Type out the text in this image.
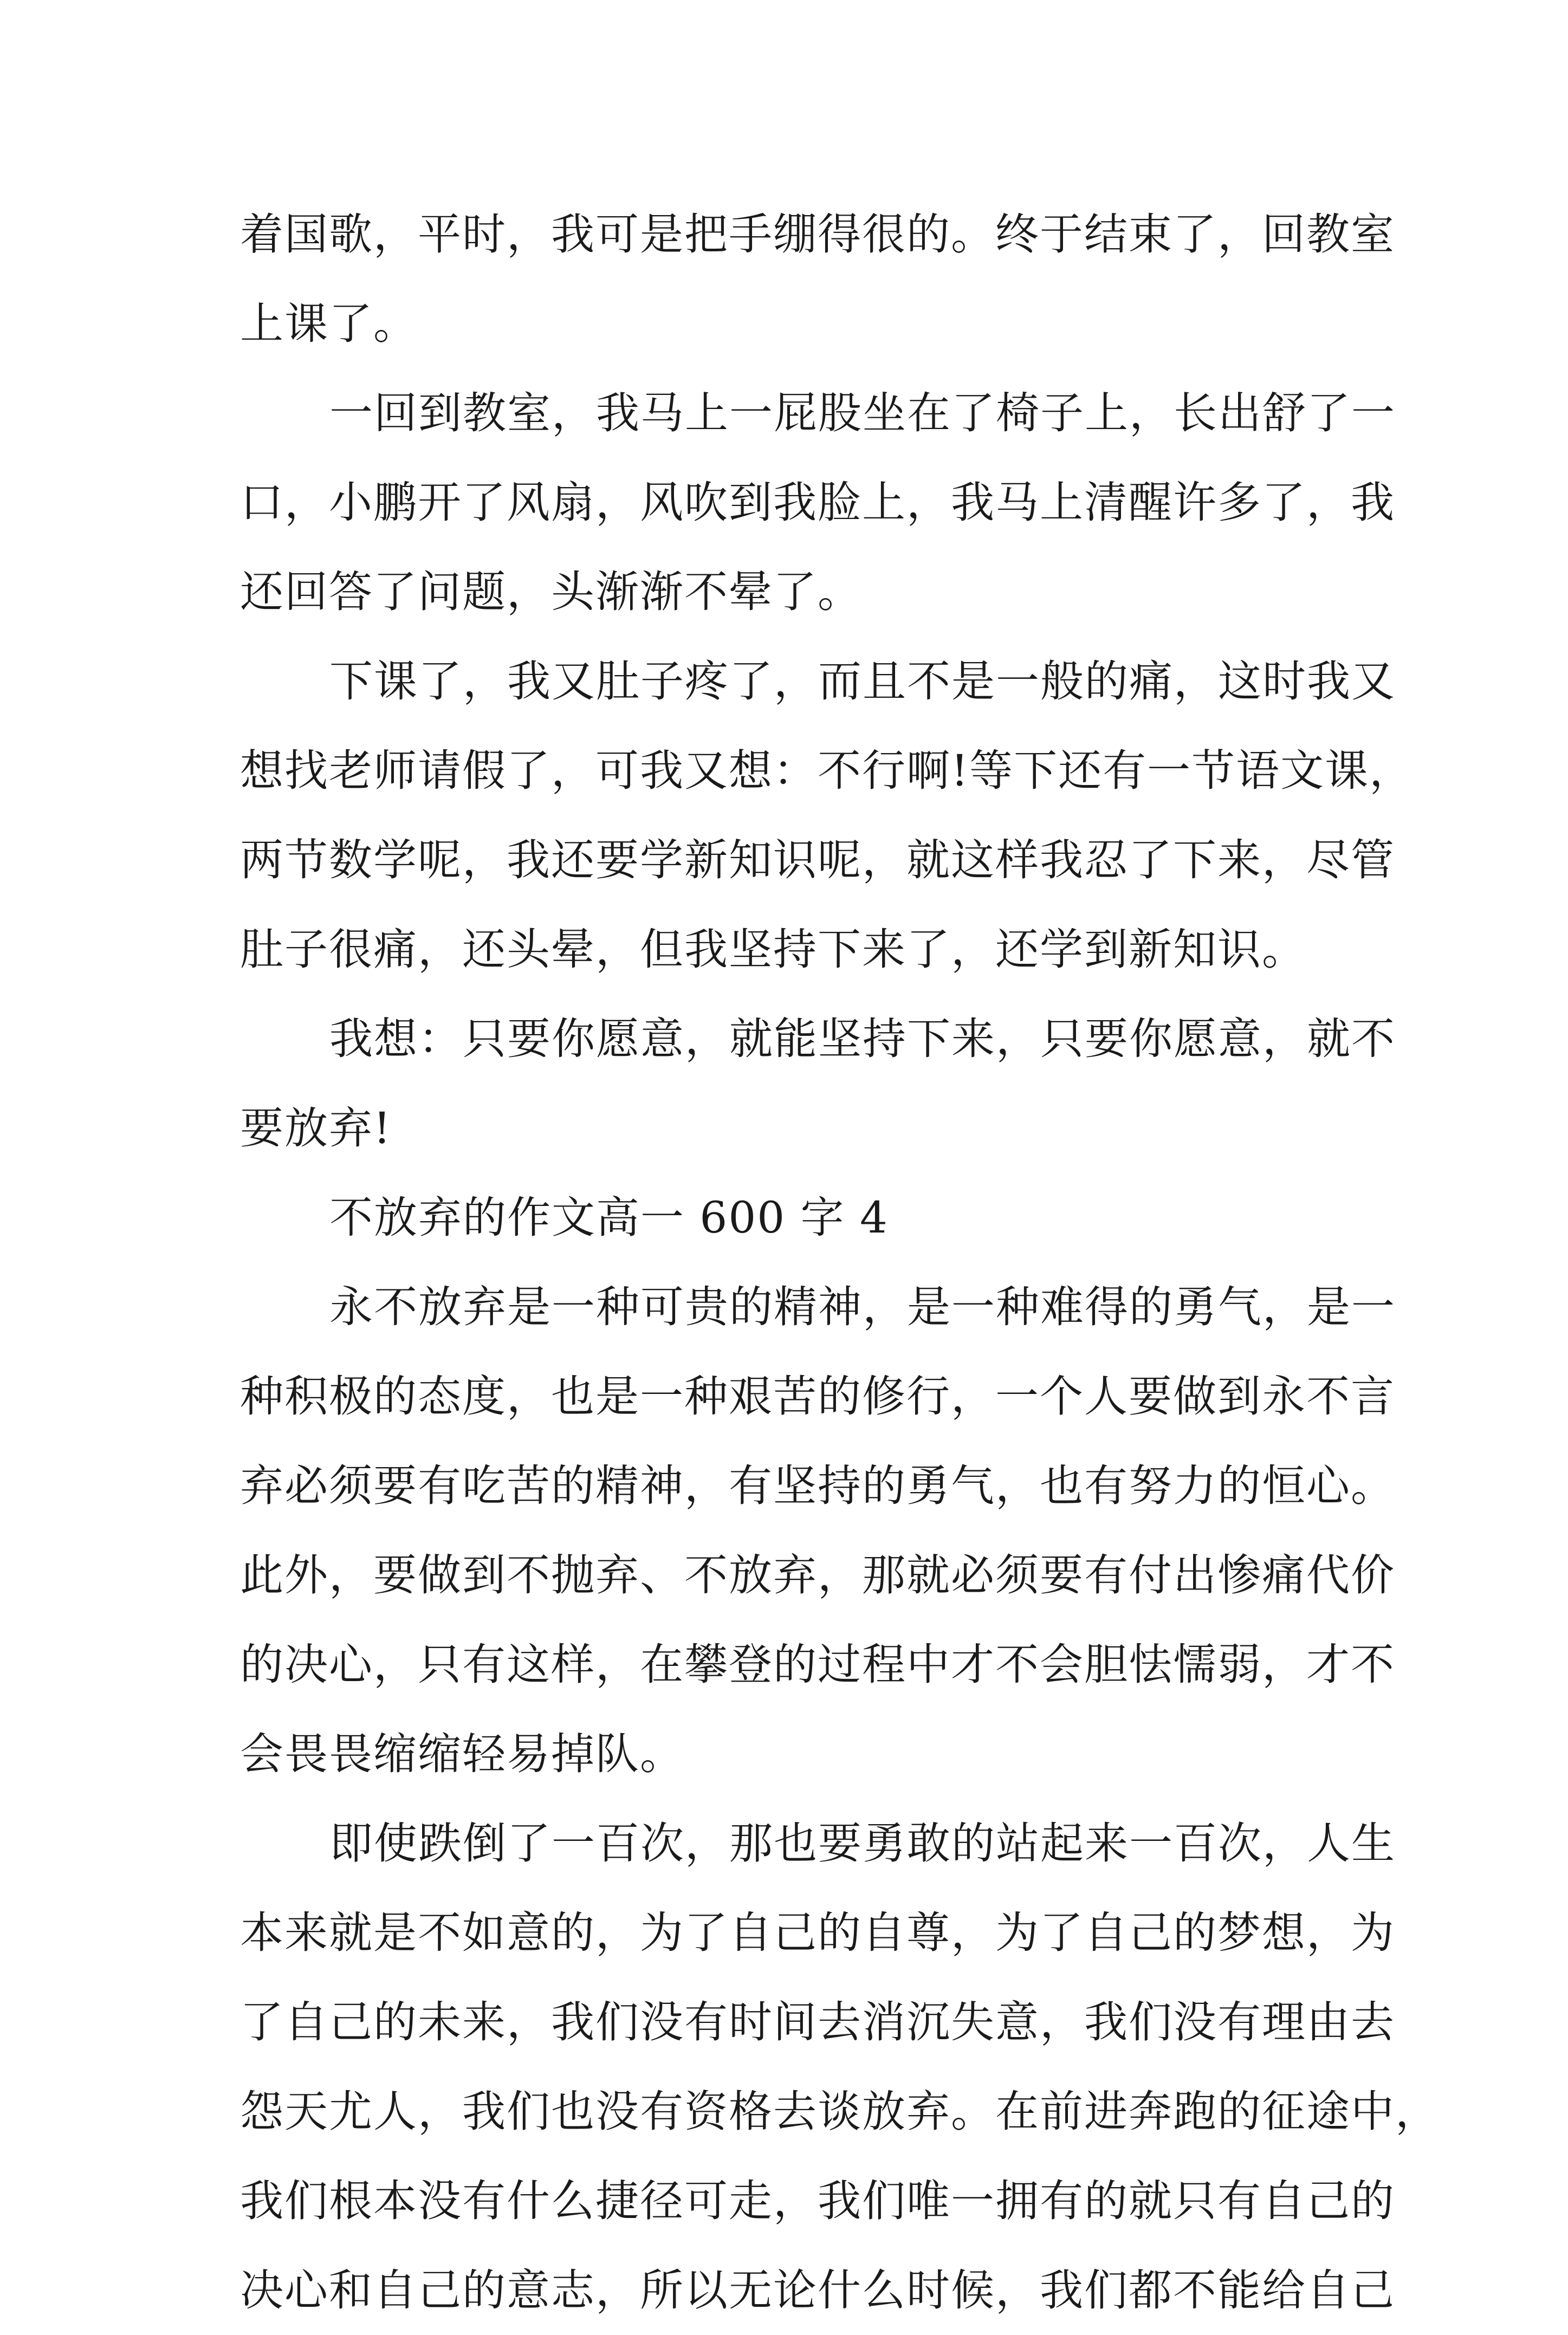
着国歌，平时，我可是把手绷得很的。终于结束了，回教室
上课了。
一回到教室，我马上一屁股坐在了椅子上，长出舒了一
口，小鹏开了风扇，风吹到我脸上，我马上清醒许多了，我
还回答了问题，头渐渐不晕了。
下课了，我又肚子疼了，而且不是一般的痛，这时我又
想找老师请假了，可我又想：不行啊!等下还有一节语文课，
两节数学呢，我还要学新知识呢，就这样我忍了下来，尽管
肚子很痛，还头晕，但我坚持下来了，还学到新知识。
我想：只要你愿意，就能坚持下来，只要你愿意，就不
要放弃!
不放弃的作文高一 600 字 4
永不放弃是一种可贵的精神，是一种难得的勇气，是一
种积极的态度，也是一种艰苦的修行，一个人要做到永不言
弃必须要有吃苦的精神，有坚持的勇气，也有努力的恒心。
此外，要做到不抛弃、不放弃，那就必须要有付出惨痛代价
的决心，只有这样，在攀登的过程中才不会胆怯懦弱，才不
会畏畏缩缩轻易掉队。
即使跌倒了一百次，那也要勇敢的站起来一百次，人生
本来就是不如意的，为了自己的自尊，为了自己的梦想，为
了自己的未来，我们没有时间去消沉失意，我们没有理由去
怨天尤人，我们也没有资格去谈放弃。在前进奔跑的征途中，
我们根本没有什么捷径可走，我们唯一拥有的就只有自己的
决心和自己的意志，所以无论什么时候，我们都不能给自己
